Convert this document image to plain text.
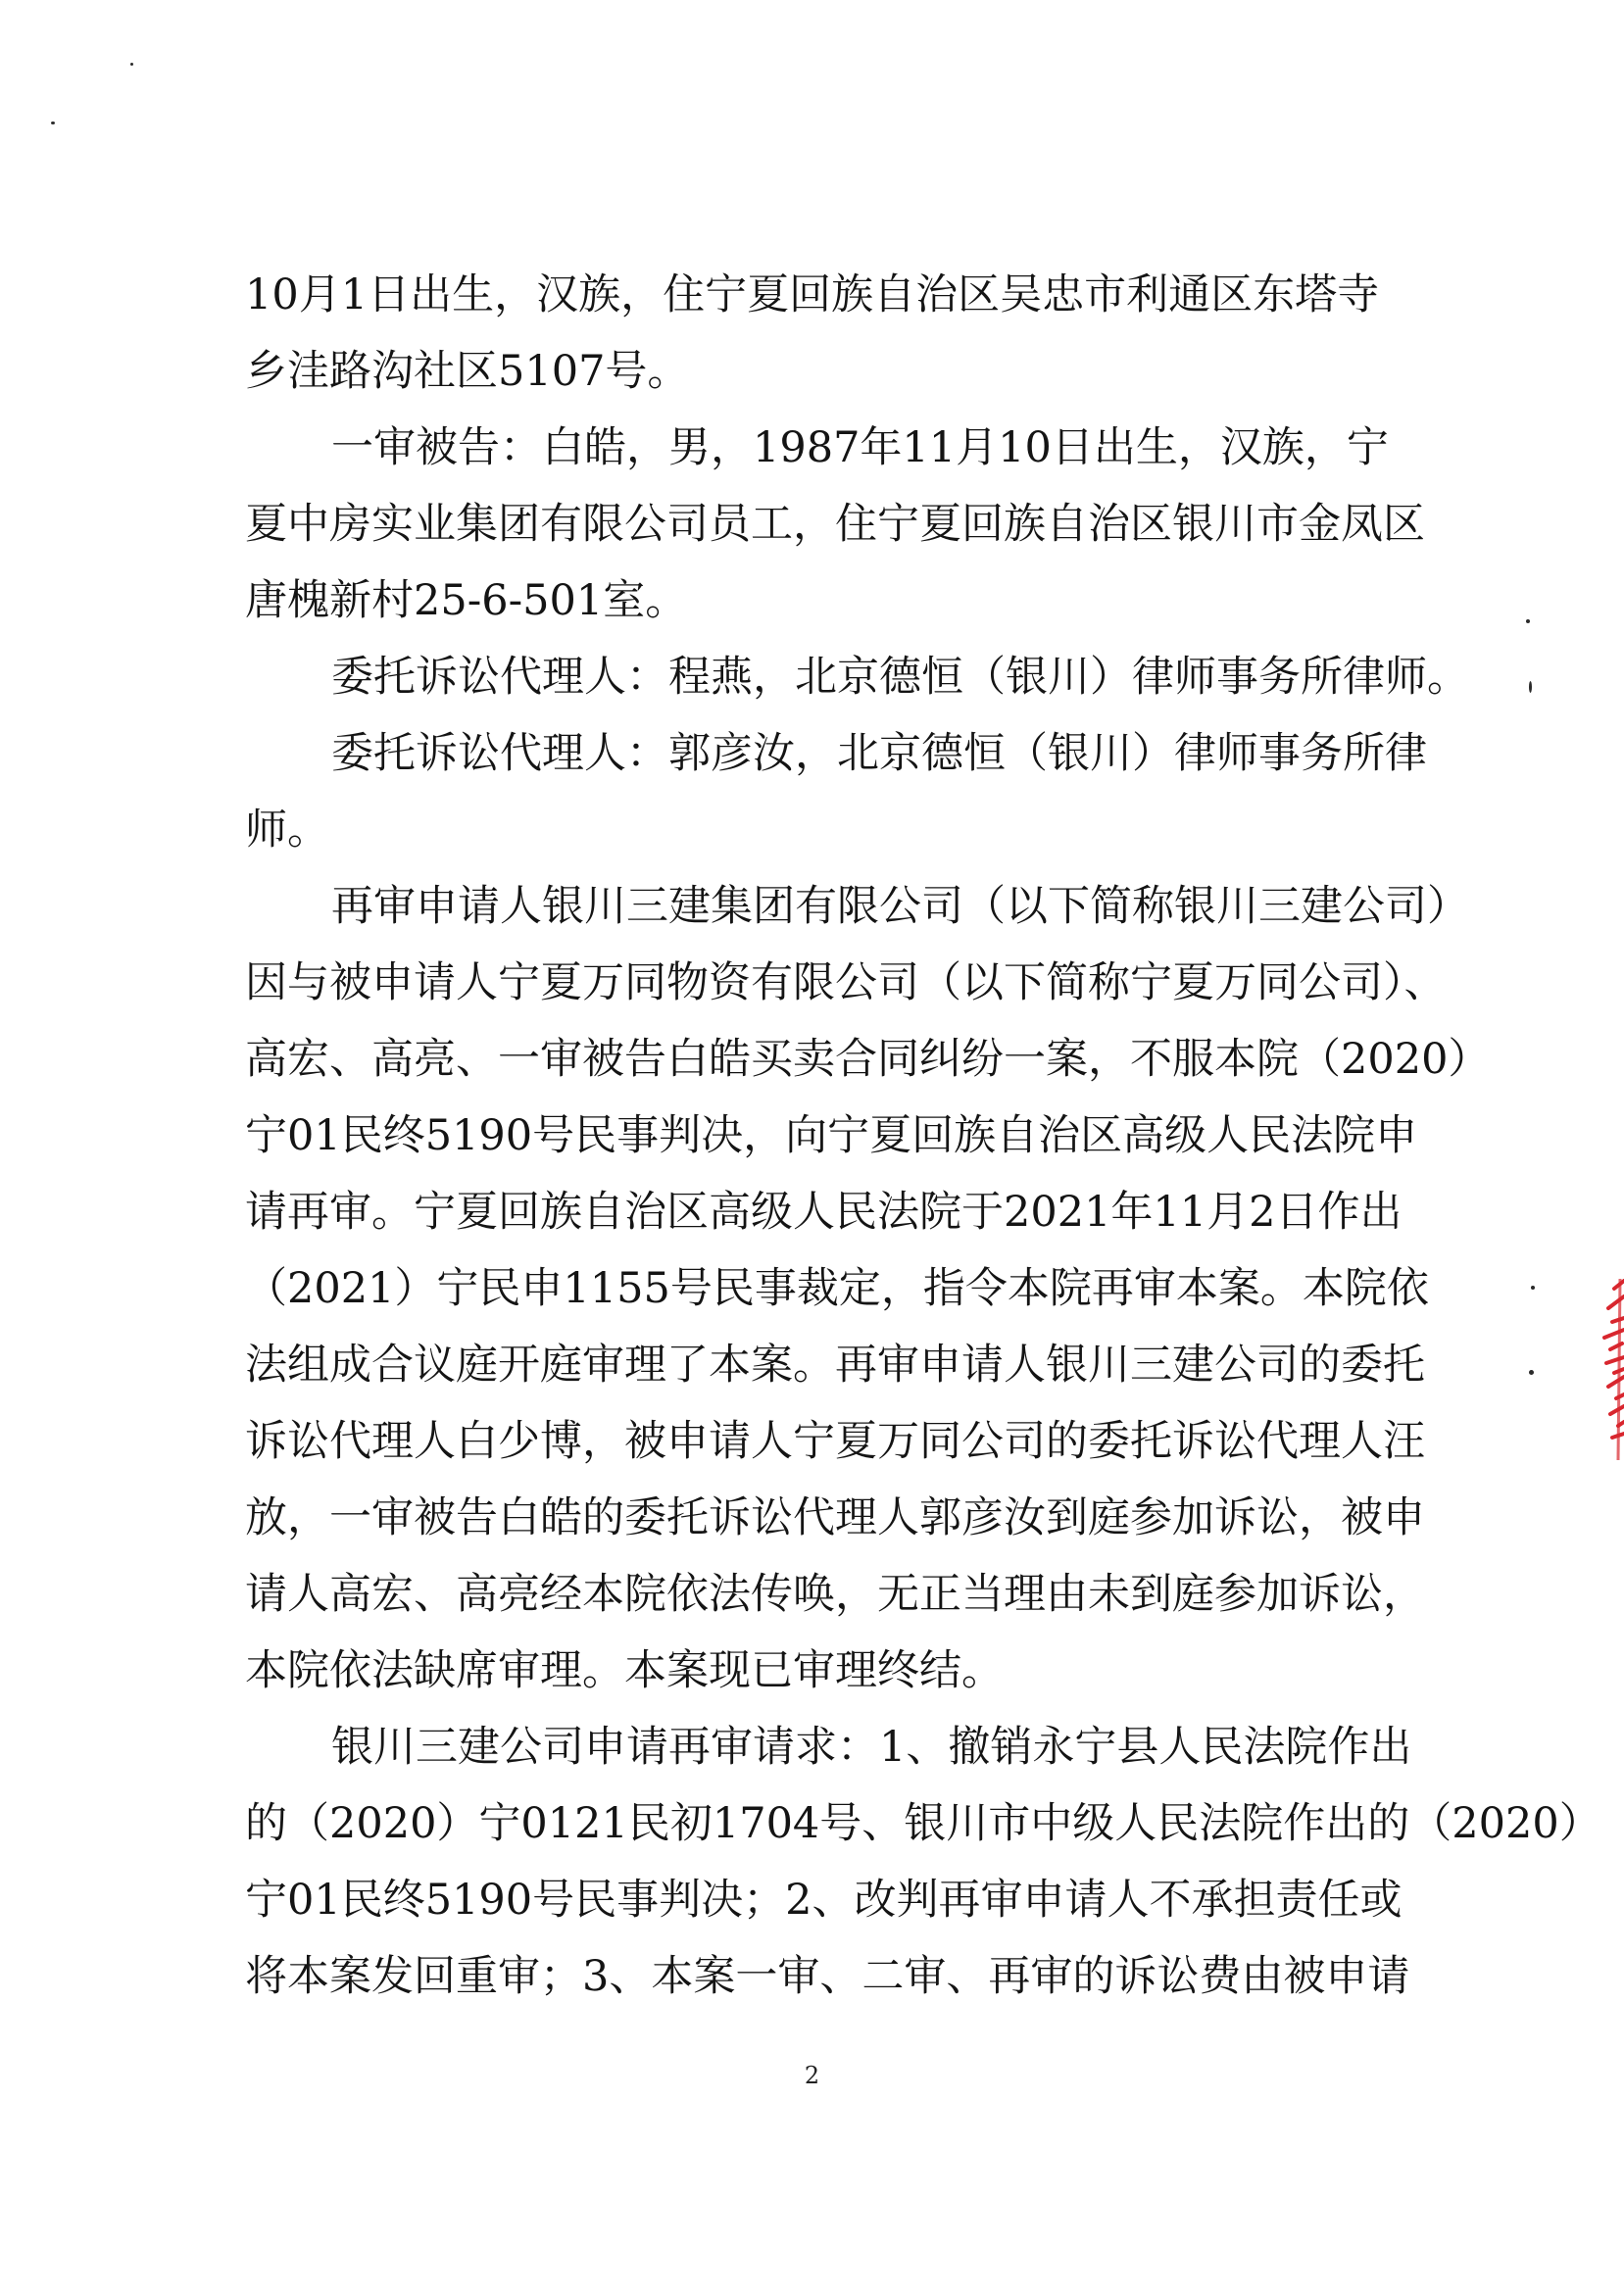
10月1日出生，汉族，住宁夏回族自治区吴忠市利通区东塔寺
乡洼路沟社区5107号。
一审被告：白皓，男，1987年11月10日出生，汉族，宁
夏中房实业集团有限公司员工，住宁夏回族自治区银川市金凤区
唐槐新村25-6-501室。
委托诉讼代理人：程燕，北京德恒（银川）律师事务所律师。
委托诉讼代理人：郭彦汝，北京德恒（银川）律师事务所律
师。
再审申请人银川三建集团有限公司（以下简称银川三建公司）
因与被申请人宁夏万同物资有限公司（以下简称宁夏万同公司）、
高宏、高亮、一审被告白皓买卖合同纠纷一案，不服本院（2020）
宁01民终5190号民事判决，向宁夏回族自治区高级人民法院申
请再审。宁夏回族自治区高级人民法院于2021年11月2日作出
（2021）宁民申1155号民事裁定，指令本院再审本案。本院依
法组成合议庭开庭审理了本案。再审申请人银川三建公司的委托
诉讼代理人白少博，被申请人宁夏万同公司的委托诉讼代理人汪
放，一审被告白皓的委托诉讼代理人郭彦汝到庭参加诉讼，被申
请人高宏、高亮经本院依法传唤，无正当理由未到庭参加诉讼，
本院依法缺席审理。本案现已审理终结。
银川三建公司申请再审请求：1、撤销永宁县人民法院作出
的（2020）宁0121民初1704号、银川市中级人民法院作出的（2020）
宁01民终5190号民事判决；2、改判再审申请人不承担责任或
将本案发回重审；3、本案一审、二审、再审的诉讼费由被申请
2
